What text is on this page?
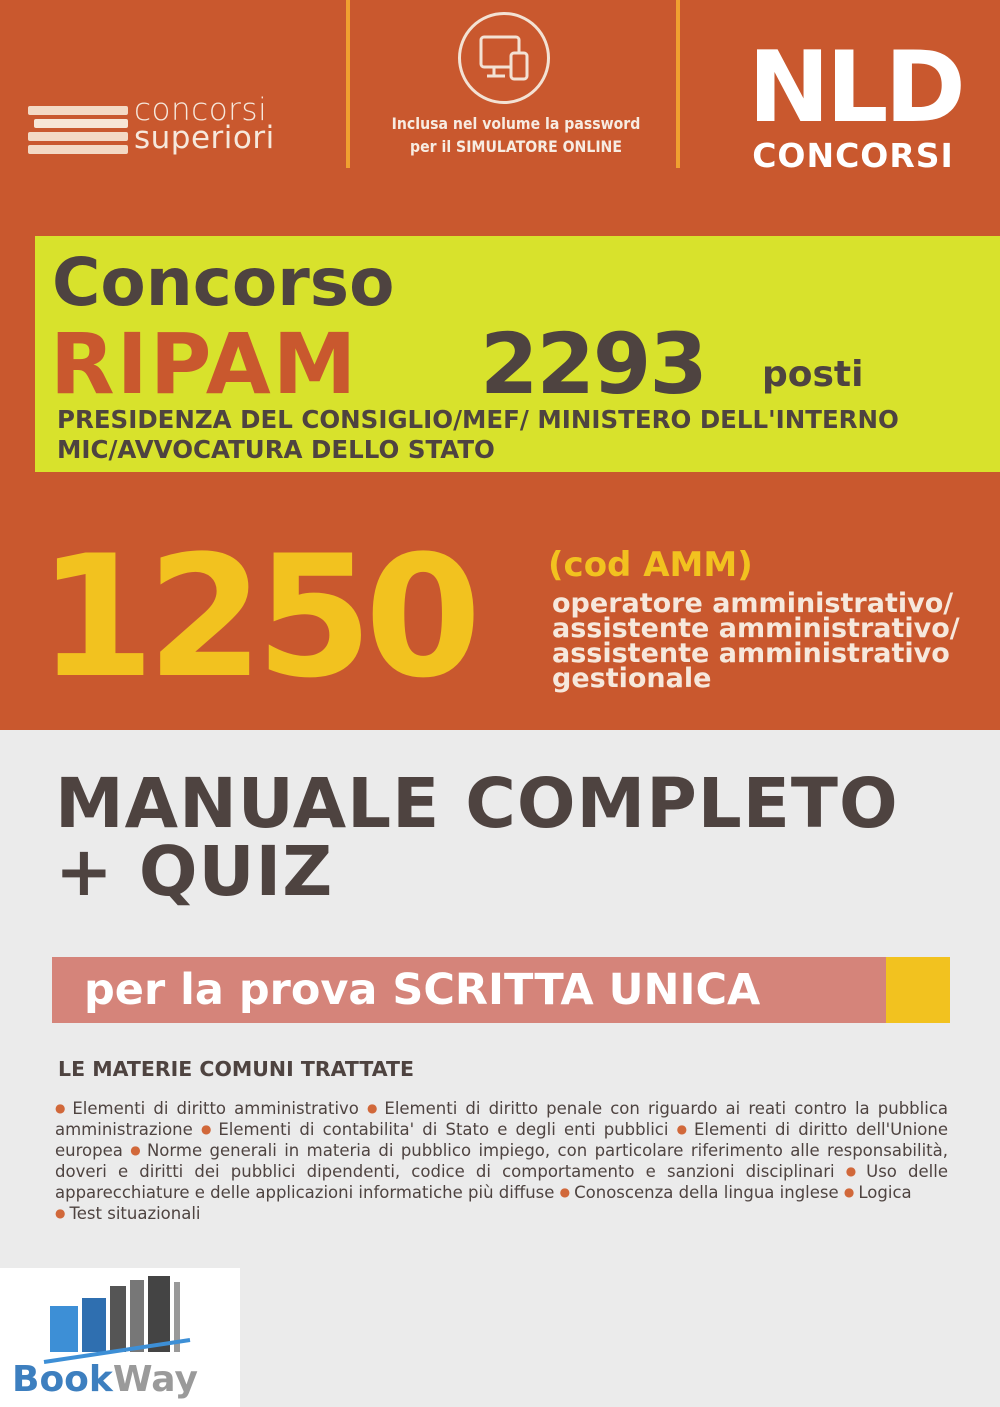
concorsi
superiori	Inclusa nel volume la password
per il SIMULATORE ONLINE
NLD
CONCORSI
Concorso
RIPAM 2293 posti
PRESIDENZA DEL CONSIGLIO/MEF/ MINISTERO DELL'INTERNO
MIC/AVVOCATURA DELLO STATO
1250 (cod AMM)
operatore amministrativo/
assistente amministrativo/
assistente amministrativo
gestionale
MANUALE COMPLETO
+ QUIZ
per la prova SCRITTA UNICA
LE MATERIE COMUNI TRATTATE
● Elementi di diritto amministrativo ● Elementi di diritto penale con riguardo ai reati contro la pubblica amministrazione ● Elementi di contabilita' di Stato e degli enti pubblici ● Elementi di diritto dell'Unione europea ● Norme generali in materia di pubblico impiego, con particolare riferimento alle responsabilità, doveri e diritti dei pubblici dipendenti, codice di comportamento e sanzioni disciplinari ● Uso delle apparecchiature e delle applicazioni informatiche più diffuse ● Conoscenza della lingua inglese ● Logica
● Test situazionali
BookWay
